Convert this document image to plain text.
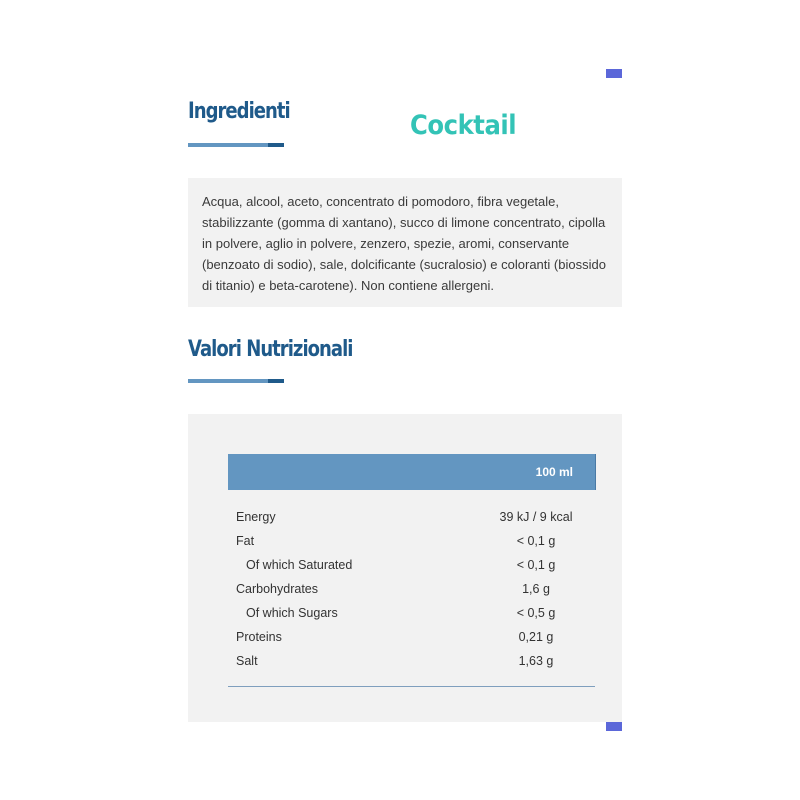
Ingredienti	Cocktail

Acqua, alcool, aceto, concentrato di pomodoro, fibra vegetale, stabilizzante (gomma di xantano), succo di limone concentrato, cipolla in polvere, aglio in polvere, zenzero, spezie, aromi, conservante (benzoato di sodio), sale, dolcificante (sucralosio) e coloranti (biossido di titanio) e beta-carotene). Non contiene allergeni.

Valori Nutrizionali
100 ml
Energy	39 kJ / 9 kcal
Fat	< 0,1 g
Of which Saturated	< 0,1 g
Carbohydrates	1,6 g
Of which Sugars	< 0,5 g
Proteins	0,21 g
Salt	1,63 g
